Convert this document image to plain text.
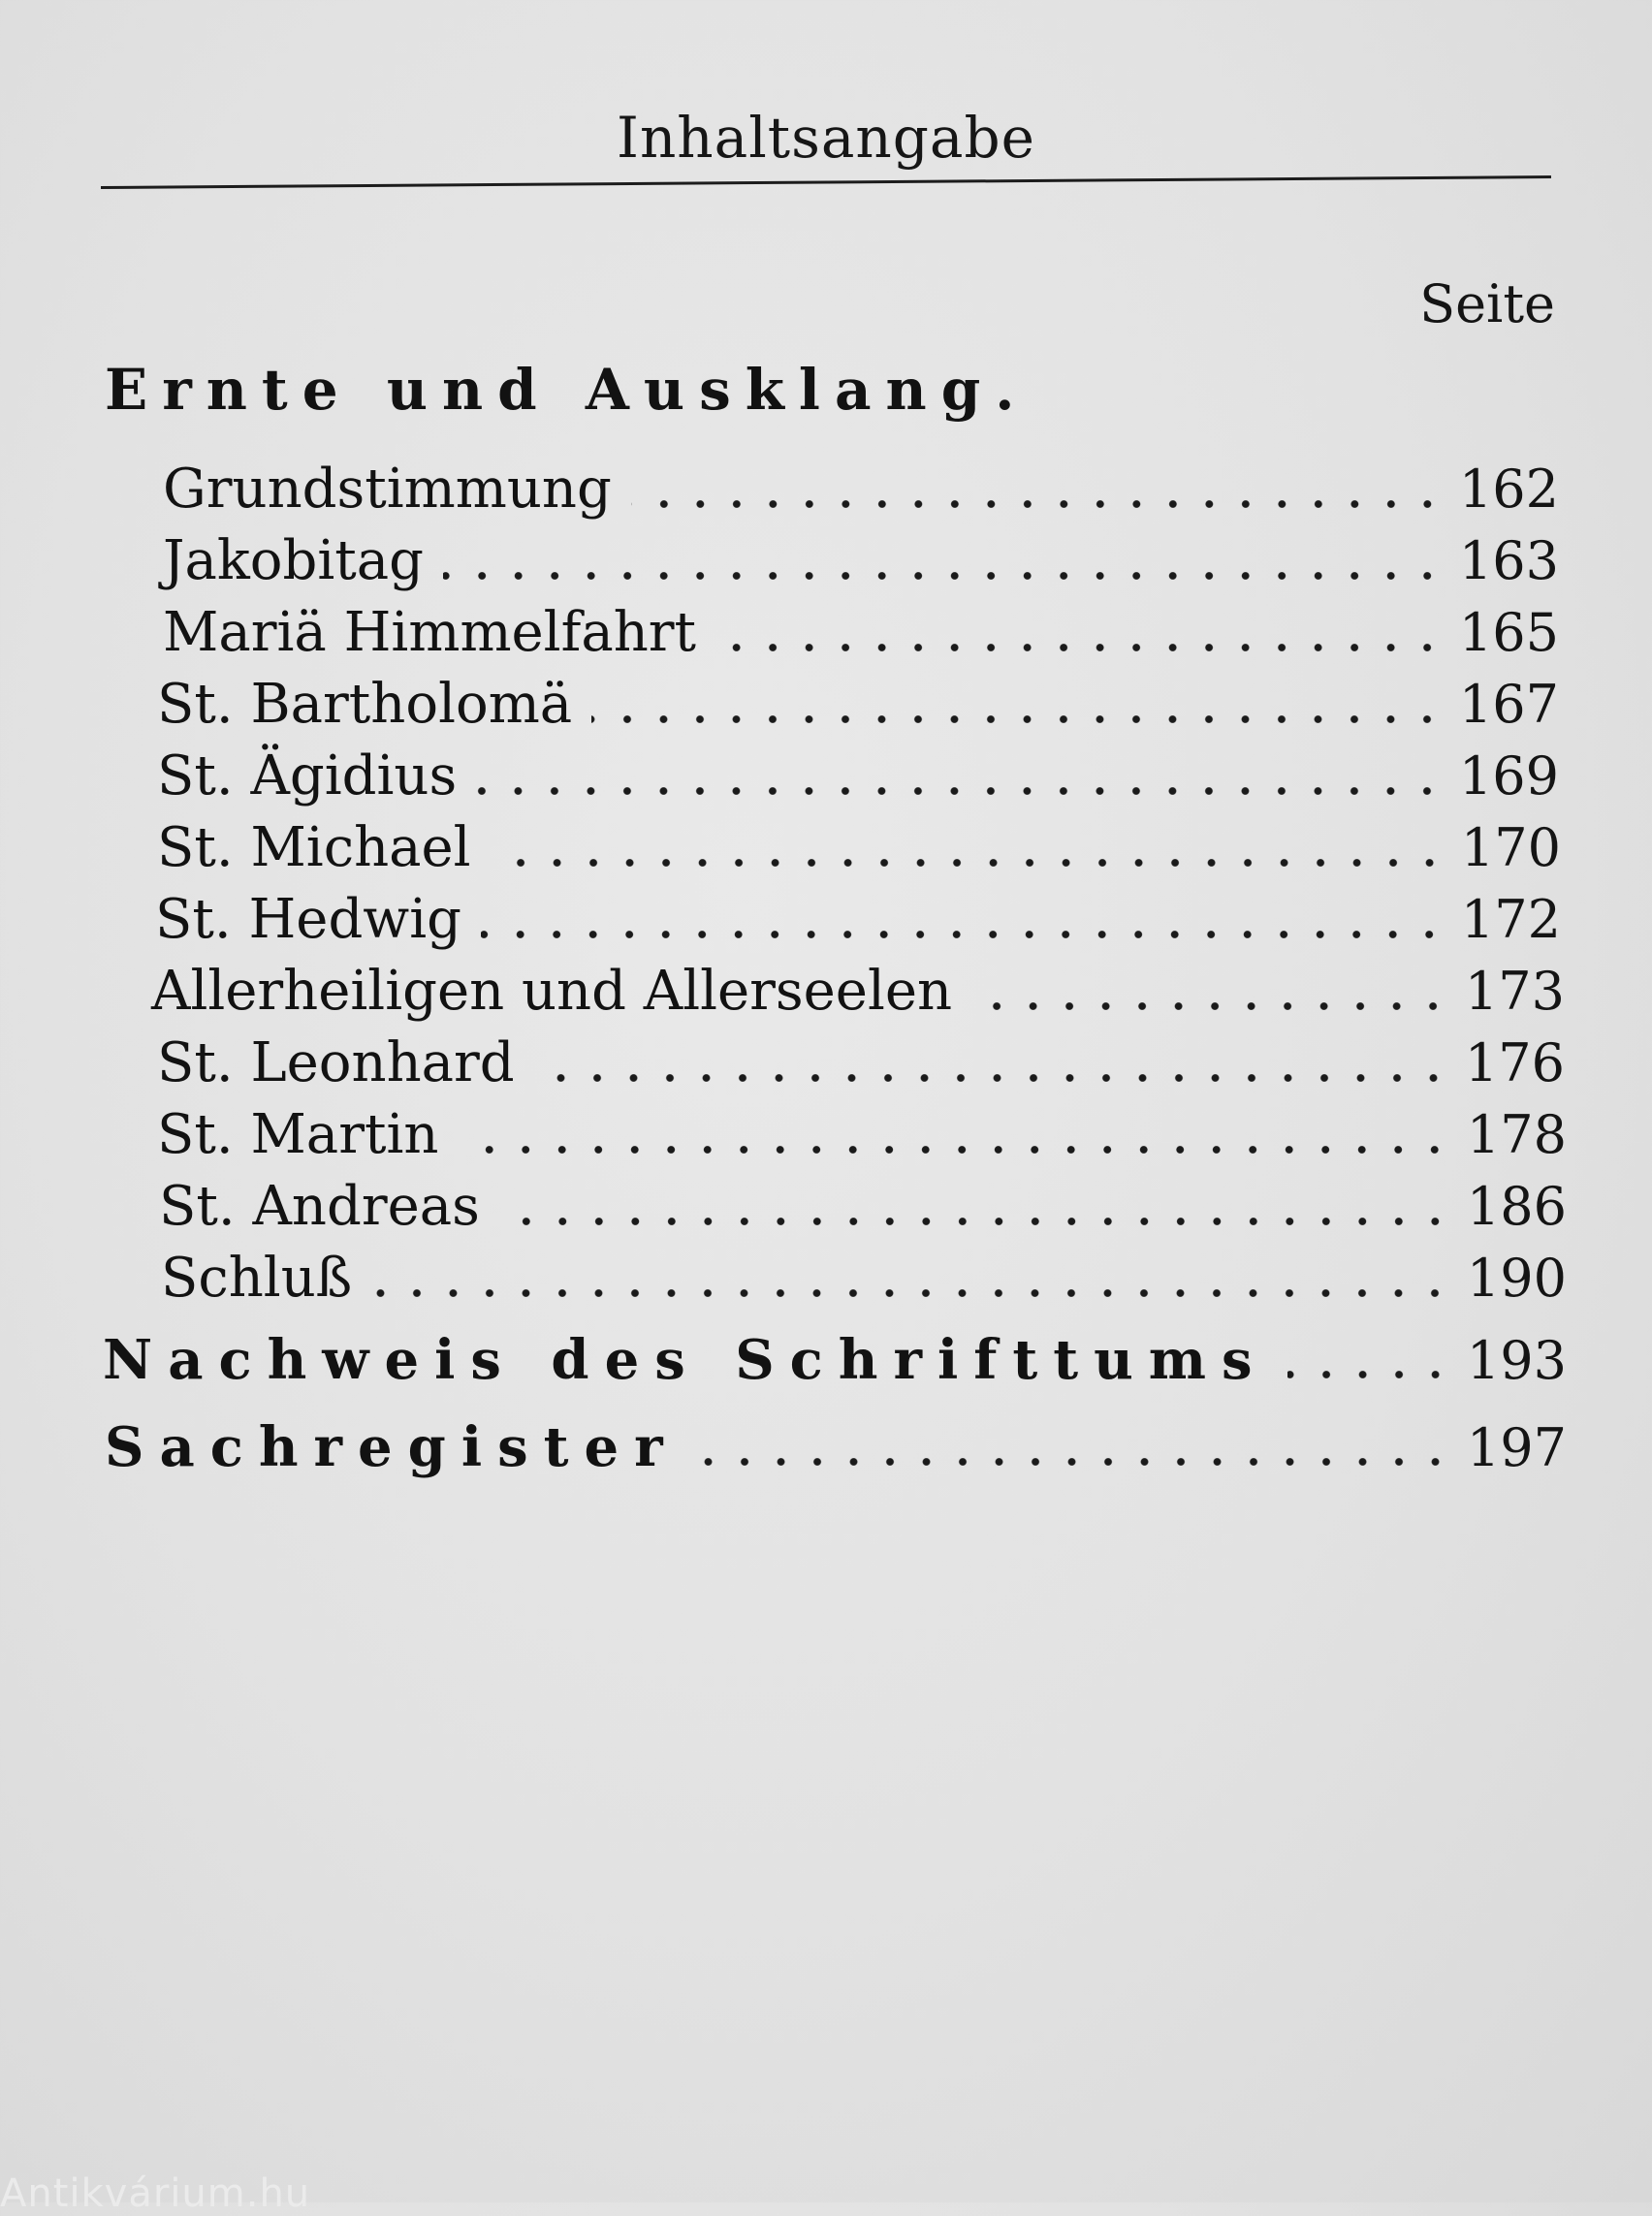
Inhaltsangabe
Seite
Ernte und Ausklang.
Grundstimmung	162
Jakobitag	163
Mariä Himmelfahrt	165
St. Bartholomä	167
St. Ägidius	169
St. Michael	170
St. Hedwig	172
Allerheiligen und Allerseelen	173
St. Leonhard	176
St. Martin	178
St. Andreas	186
Schluß	190
Nachweis des Schrifttums	193
Sachregister	197
Antikvárium.hu
